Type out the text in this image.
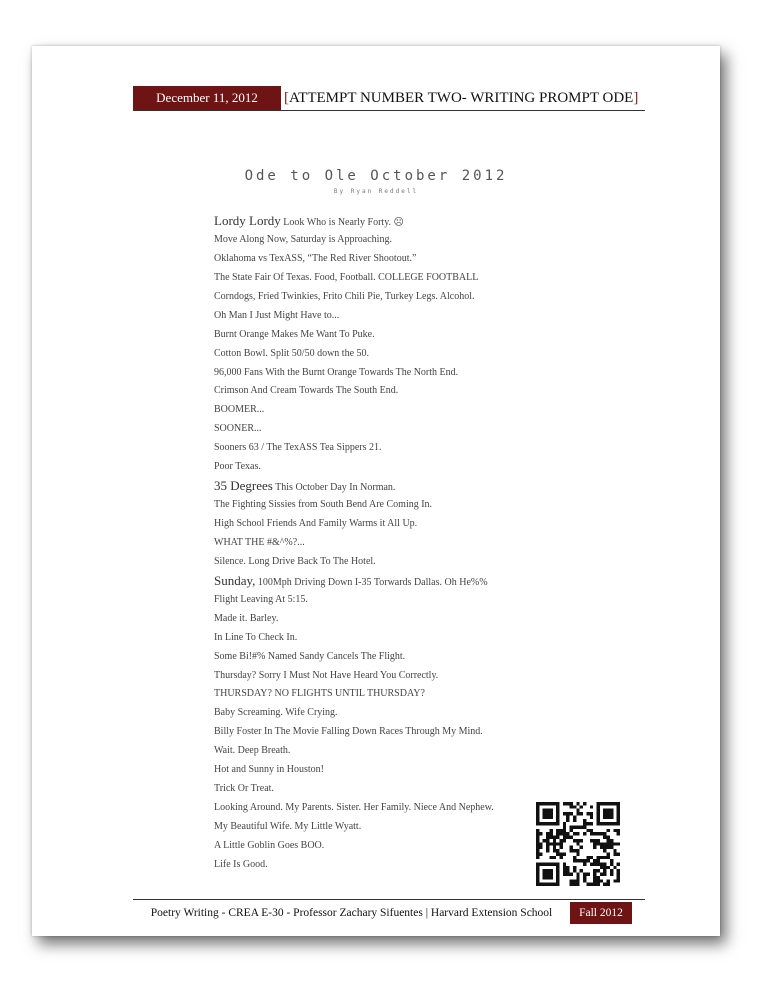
December 11, 2012	[ATTEMPT NUMBER TWO- WRITING PROMPT ODE]
Ode to Ole October 2012
By Ryan Reddell
Lordy Lordy Look Who is Nearly Forty. ☹
Move Along Now, Saturday is Approaching.
Oklahoma vs TexASS, “The Red River Shootout.”
The State Fair Of Texas. Food, Football. COLLEGE FOOTBALL
Corndogs, Fried Twinkies, Frito Chili Pie, Turkey Legs. Alcohol.
Oh Man I Just Might Have to...
Burnt Orange Makes Me Want To Puke.
Cotton Bowl. Split 50/50 down the 50.
96,000 Fans With the Burnt Orange Towards The North End.
Crimson And Cream Towards The South End.
BOOMER...
SOONER...
Sooners 63 / The TexASS Tea Sippers 21.
Poor Texas.
35 Degrees This October Day In Norman.
The Fighting Sissies from South Bend Are Coming In.
High School Friends And Family Warms it All Up.
WHAT THE #&^%?...
Silence. Long Drive Back To The Hotel.
Sunday, 100Mph Driving Down I-35 Torwards Dallas. Oh He%%
Flight Leaving At 5:15.
Made it. Barley.
In Line To Check In.
Some Bi!#% Named Sandy Cancels The Flight.
Thursday? Sorry I Must Not Have Heard You Correctly.
THURSDAY? NO FLIGHTS UNTIL THURSDAY?
Baby Screaming. Wife Crying.
Billy Foster In The Movie Falling Down Races Through My Mind.
Wait. Deep Breath.
Hot and Sunny in Houston!
Trick Or Treat.
Looking Around. My Parents. Sister. Her Family. Niece And Nephew.
My Beautiful Wife. My Little Wyatt.
A Little Goblin Goes BOO.
Life Is Good.
Poetry Writing - CREA E-30 - Professor Zachary Sifuentes | Harvard Extension School	Fall 2012
